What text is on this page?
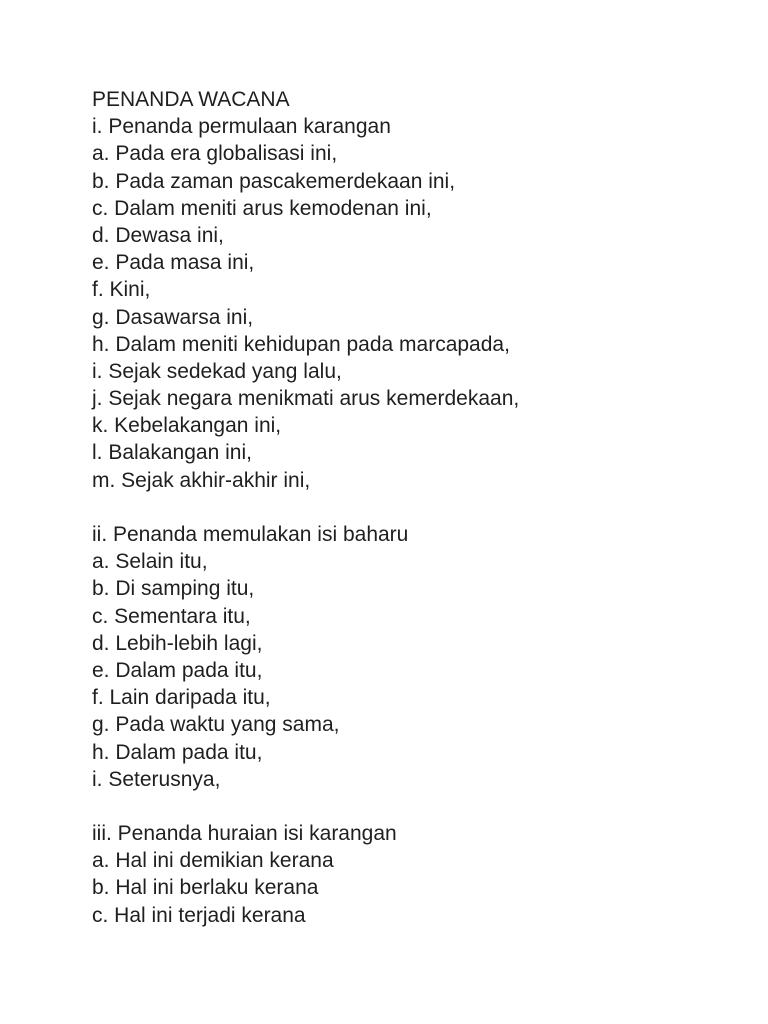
PENANDA WACANA
i. Penanda permulaan karangan
a. Pada era globalisasi ini,
b. Pada zaman pascakemerdekaan ini,
c. Dalam meniti arus kemodenan ini,
d. Dewasa ini,
e. Pada masa ini,
f. Kini,
g. Dasawarsa ini,
h. Dalam meniti kehidupan pada marcapada,
i. Sejak sedekad yang lalu,
j. Sejak negara menikmati arus kemerdekaan,
k. Kebelakangan ini,
l. Balakangan ini,
m. Sejak akhir-akhir ini,
ii. Penanda memulakan isi baharu
a. Selain itu,
b. Di samping itu,
c. Sementara itu,
d. Lebih-lebih lagi,
e. Dalam pada itu,
f. Lain daripada itu,
g. Pada waktu yang sama,
h. Dalam pada itu,
i. Seterusnya,
iii. Penanda huraian isi karangan
a. Hal ini demikian kerana
b. Hal ini berlaku kerana
c. Hal ini terjadi kerana
